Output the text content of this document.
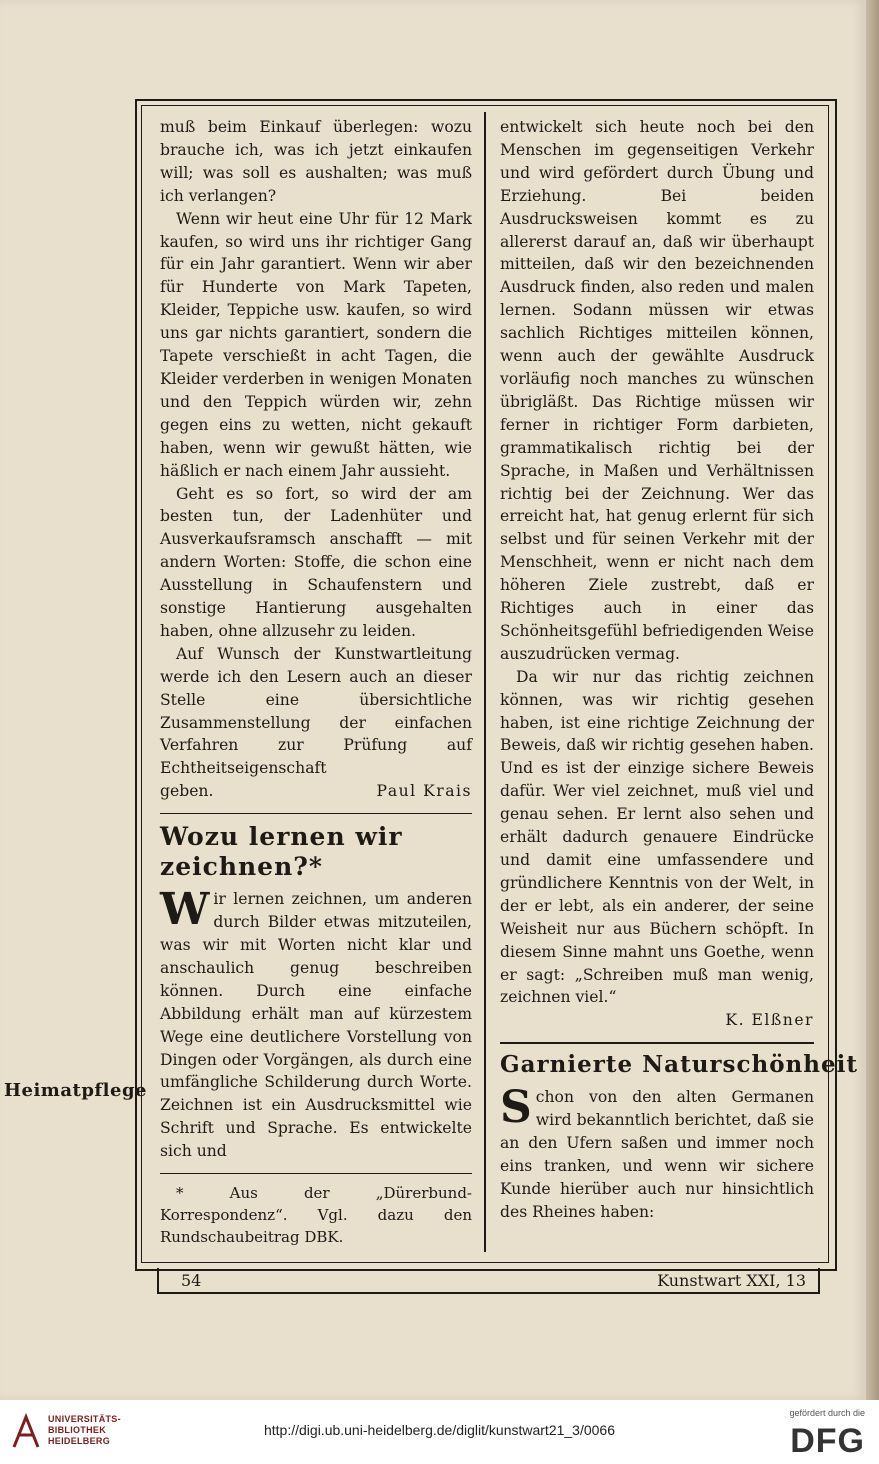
Heimatpflege

muß beim Einkauf überlegen: wozu brauche ich, was ich jetzt einkaufen will; was soll es aushalten; was muß ich verlangen?

Wenn wir heut eine Uhr für 12 Mark kaufen, so wird uns ihr richtiger Gang für ein Jahr garantiert. Wenn wir aber für Hunderte von Mark Tapeten, Kleider, Teppiche usw. kaufen, so wird uns gar nichts garantiert, sondern die Tapete verschießt in acht Tagen, die Kleider verderben in wenigen Monaten und den Teppich würden wir, zehn gegen eins zu wetten, nicht gekauft haben, wenn wir gewußt hätten, wie häßlich er nach einem Jahr aussieht.

Geht es so fort, so wird der am besten tun, der Ladenhüter und Ausverkaufsramsch anschafft — mit andern Worten: Stoffe, die schon eine Ausstellung in Schaufenstern und sonstige Hantierung ausgehalten haben, ohne allzusehr zu leiden.

Auf Wunsch der Kunstwartleitung werde ich den Lesern auch an dieser Stelle eine übersichtliche Zusammenstellung der einfachen Verfahren zur Prüfung auf Echtheitseigenschaft

geben.	Paul Krais
Wozu lernen wir zeichnen?*

Wir lernen zeichnen, um anderen durch Bilder etwas mitzuteilen, was wir mit Worten nicht klar und anschaulich genug beschreiben können. Durch eine einfache Abbildung erhält man auf kürzestem Wege eine deutlichere Vorstellung von Dingen oder Vorgängen, als durch eine umfängliche Schilderung durch Worte. Zeichnen ist ein Ausdrucksmittel wie Schrift und Sprache. Es entwickelte sich und

* Aus der „Dürerbund-Korrespondenz“. Vgl. dazu den Rundschaubeitrag DBK.

entwickelt sich heute noch bei den Menschen im gegenseitigen Verkehr und wird gefördert durch Übung und Erziehung. Bei beiden Ausdrucksweisen kommt es zu allererst darauf an, daß wir überhaupt mitteilen, daß wir den bezeichnenden Ausdruck finden, also reden und malen lernen. Sodann müssen wir etwas sachlich Richtiges mitteilen können, wenn auch der gewählte Ausdruck vorläufig noch manches zu wünschen übrigläßt. Das Richtige müssen wir ferner in richtiger Form darbieten, grammatikalisch richtig bei der Sprache, in Maßen und Verhältnissen richtig bei der Zeichnung. Wer das erreicht hat, hat genug erlernt für sich selbst und für seinen Verkehr mit der Menschheit, wenn er nicht nach dem höheren Ziele zustrebt, daß er Richtiges auch in einer das Schönheitsgefühl befriedigenden Weise auszudrücken vermag.

Da wir nur das richtig zeichnen können, was wir richtig gesehen haben, ist eine richtige Zeichnung der Beweis, daß wir richtig gesehen haben. Und es ist der einzige sichere Beweis dafür. Wer viel zeichnet, muß viel und genau sehen. Er lernt also sehen und erhält dadurch genauere Eindrücke und damit eine umfassendere und gründlichere Kenntnis von der Welt, in der er lebt, als ein anderer, der seine Weisheit nur aus Büchern schöpft. In diesem Sinne mahnt uns Goethe, wenn er sagt: „Schreiben muß man wenig, zeichnen viel.“

K. Elßner
Garnierte Naturschönheit

Schon von den alten Germanen wird bekanntlich berichtet, daß sie an den Ufern saßen und immer noch eins tranken, und wenn wir sichere Kunde hierüber auch nur hinsichtlich des Rheines haben:

54	Kunstwart XXI, 13
UNIVERSITÄTS-
BIBLIOTHEK
HEIDELBERG
http://digi.ub.uni-heidelberg.de/diglit/kunstwart21_3/0066
gefördert durch die
DFG
